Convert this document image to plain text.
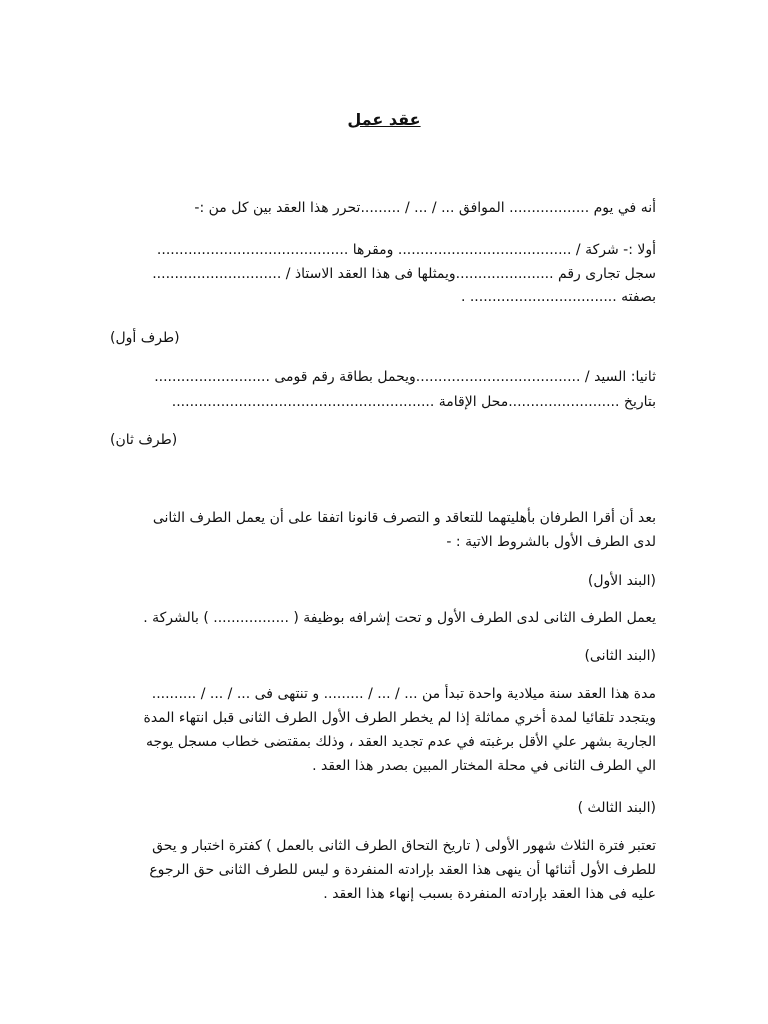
عقد عمل
أنه في يوم .................. الموافق ... / ... / .........تحرر هذا العقد بين كل من :-
أولا :- شركة / ....................................... ومقرها ...........................................
سجل تجارى رقم ......................ويمثلها فى هذا العقد الاستاذ / .............................
بصفته ................................. .
(طرف أول)
ثانيا: السيد / .....................................ويحمل بطاقة رقم قومى ..........................
بتاريخ .........................محل الإقامة ...........................................................
(طرف ثان)
بعد أن أقرا الطرفان بأهليتهما للتعاقد و التصرف قانونا اتفقا على أن يعمل الطرف الثانى
لدى الطرف الأول بالشروط الاتية : -
(البند الأول)
يعمل الطرف الثانى لدى الطرف الأول و تحت إشرافه بوظيفة ( ................. ) بالشركة .
(البند الثانى)
مدة هذا العقد سنة ميلادية واحدة تبدأ من ... / ... / ......... و تنتهى فى ... / ... / ..........
ويتجدد تلقائيا لمدة أخري مماثلة إذا لم يخطر الطرف الأول الطرف الثانى قبل انتهاء المدة
الجارية بشهر علي الأقل برغبته في عدم تجديد العقد ، وذلك بمقتضى خطاب مسجل يوجه
الي الطرف الثانى في محلة المختار المبين بصدر هذا العقد .
(البند الثالث )
تعتبر فترة الثلاث شهور الأولى ( تاريخ التحاق الطرف الثانى بالعمل ) كفترة اختبار و يحق
للطرف الأول أثنائها أن ينهى هذا العقد بإرادته المنفردة و ليس للطرف الثانى حق الرجوع
عليه فى هذا العقد بإرادته المنفردة بسبب إنهاء هذا العقد .
